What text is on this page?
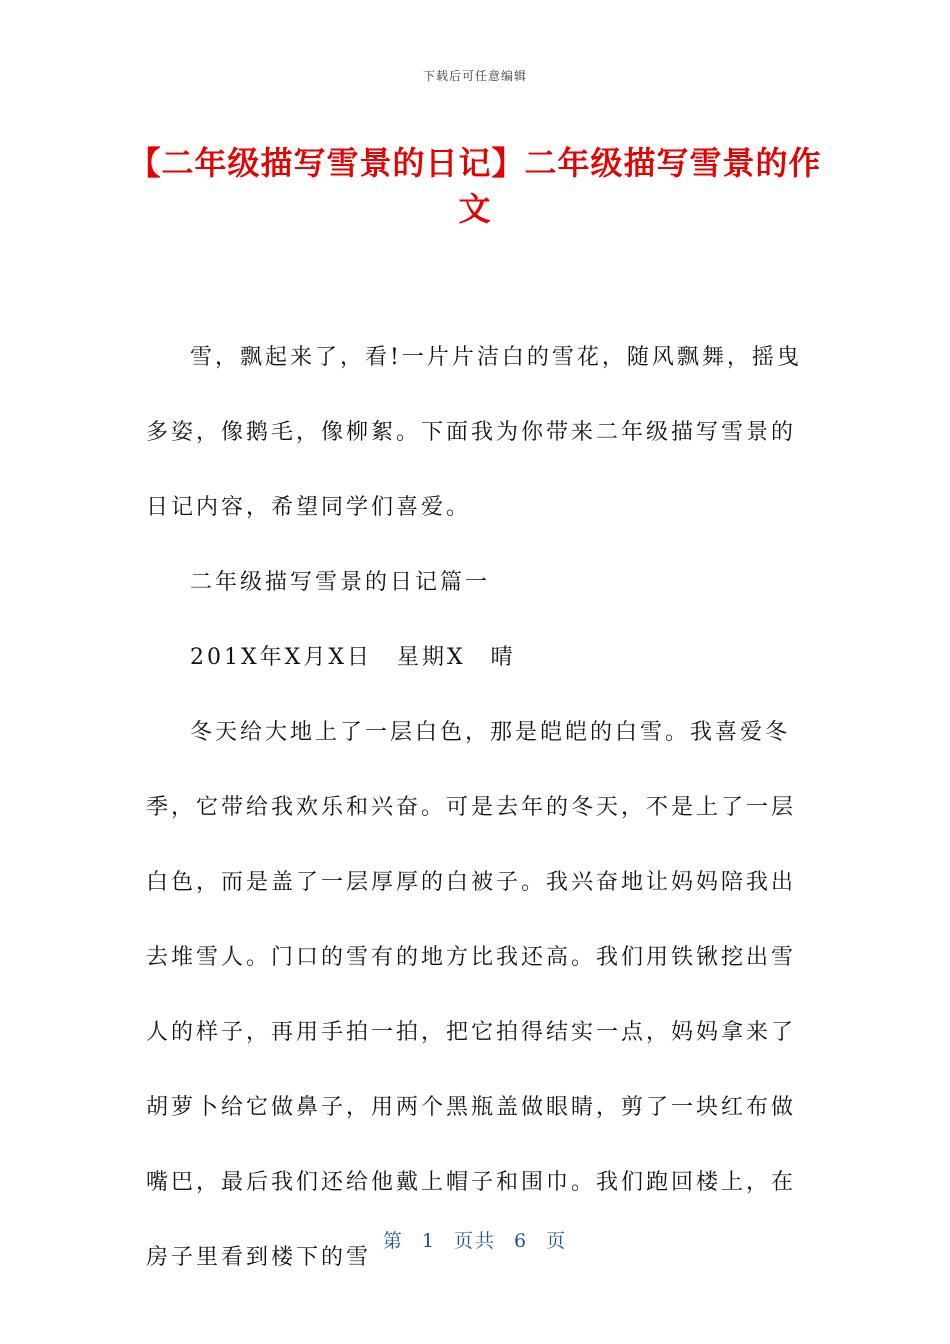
下载后可任意编辑
【二年级描写雪景的日记】二年级描写雪景的作文

雪，飘起来了，看!一片片洁白的雪花，随风飘舞，摇曳多姿，像鹅毛，像柳絮。下面我为你带来二年级描写雪景的日记内容，希望同学们喜爱。

二年级描写雪景的日记篇一

201X年X月X日　星期X　晴

冬天给大地上了一层白色，那是皑皑的白雪。我喜爱冬季，它带给我欢乐和兴奋。可是去年的冬天，不是上了一层白色，而是盖了一层厚厚的白被子。我兴奋地让妈妈陪我出去堆雪人。门口的雪有的地方比我还高。我们用铁锹挖出雪人的样子，再用手拍一拍，把它拍得结实一点，妈妈拿来了胡萝卜给它做鼻子，用两个黑瓶盖做眼睛，剪了一块红布做嘴巴，最后我们还给他戴上帽子和围巾。我们跑回楼上，在房子里看到楼下的雪

第 1 页共 6 页
